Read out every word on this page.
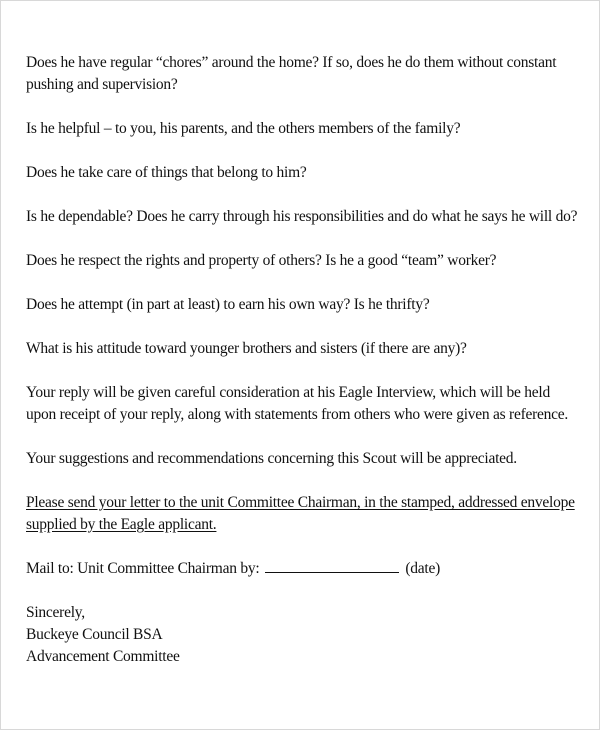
Does he have regular “chores” around the home? If so, does he do them without constant pushing and supervision?

Is he helpful – to you, his parents, and the others members of the family?

Does he take care of things that belong to him?

Is he dependable? Does he carry through his responsibilities and do what he says he will do?

Does he respect the rights and property of others? Is he a good “team” worker?

Does he attempt (in part at least) to earn his own way? Is he thrifty?

What is his attitude toward younger brothers and sisters (if there are any)?

Your reply will be given careful consideration at his Eagle Interview, which will be held upon receipt of your reply, along with statements from others who were given as reference.

Your suggestions and recommendations concerning this Scout will be appreciated.

Please send your letter to the unit Committee Chairman, in the stamped, addressed envelope supplied by the Eagle applicant.

Mail to: Unit Committee Chairman by:	(date)
Sincerely,
Buckeye Council BSA
Advancement Committee
